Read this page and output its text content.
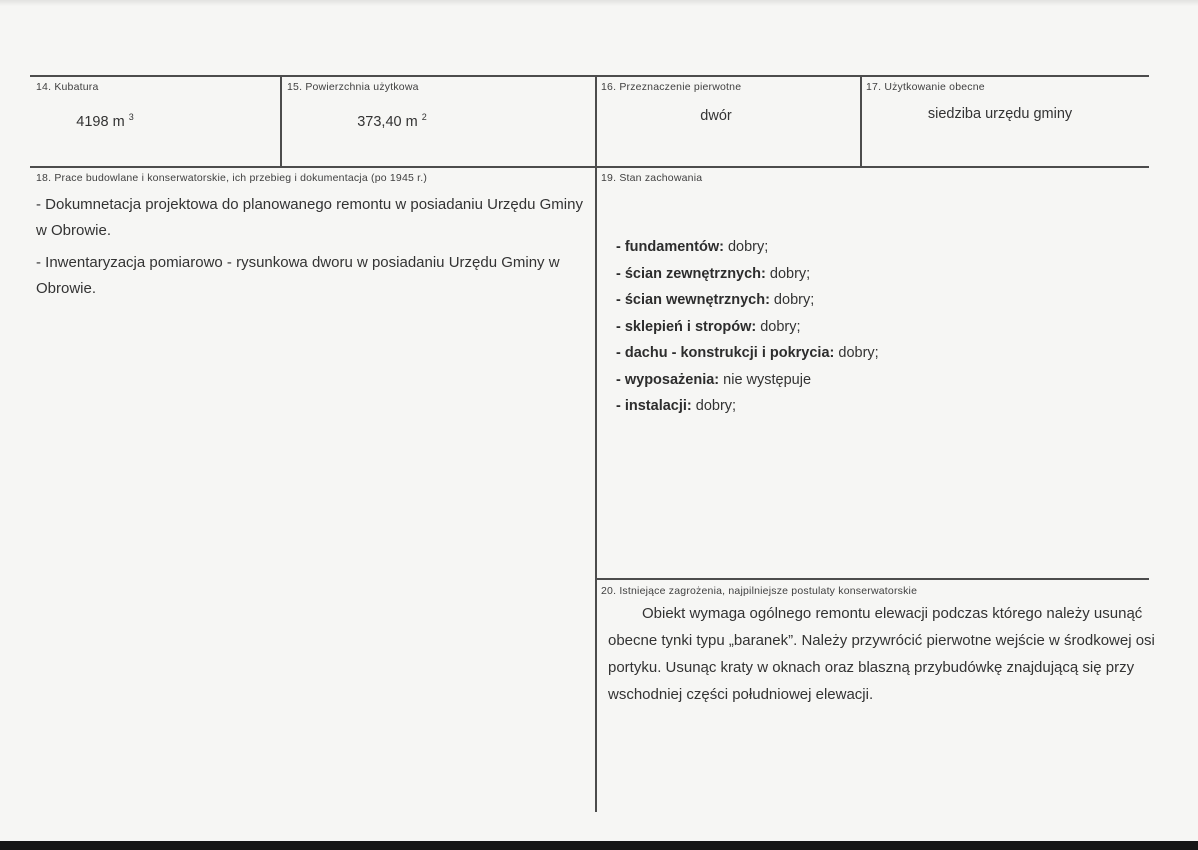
14. Kubatura
4198 m $^3$
15. Powierzchnia użytkowa
373,40 m $^2$
16. Przeznaczenie pierwotne
dwór
17. Użytkowanie obecne
siedziba urzędu gminy
18. Prace budowlane i konserwatorskie, ich przebieg i dokumentacja (po 1945 r.)

- Dokumnetacja projektowa do planowanego remontu w posiadaniu Urzędu Gminy w Obrowie.

- Inwentaryzacja pomiarowo - rysunkowa dworu w posiadaniu Urzędu Gminy w Obrowie.

19. Stan zachowania
- fundamentów: dobry;
- ścian zewnętrznych: dobry;
- ścian wewnętrznych: dobry;
- sklepień i stropów: dobry;
- dachu - konstrukcji i pokrycia: dobry;
- wyposażenia: nie występuje
- instalacji: dobry;
20. Istniejące zagrożenia, najpilniejsze postulaty konserwatorskie
Obiekt wymaga ogólnego remontu elewacji podczas którego należy usunąć obecne tynki typu „baranek”. Należy przywrócić pierwotne wejście w środkowej osi portyku. Usunąc kraty w oknach oraz blaszną przybudówkę znajdującą się przy wschodniej części południowej elewacji.
